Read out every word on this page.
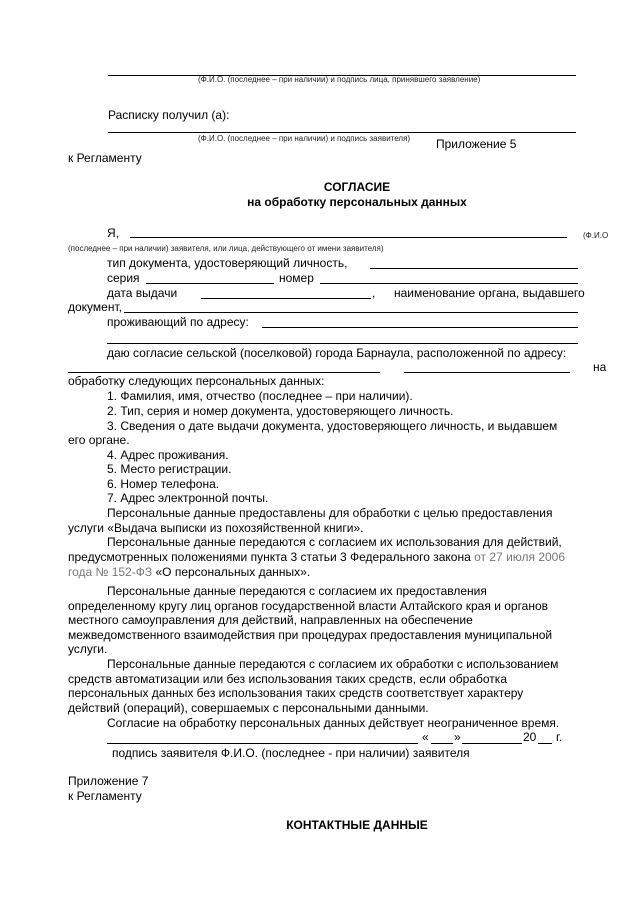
(Ф.И.О. (последнее – при наличии) и подпись лица, принявшего заявление)
Расписку получил (а):
(Ф.И.О. (последнее – при наличии) и подпись заявителя) Приложение 5
к Регламенту
СОГЛАСИЕ
на обработку персональных данных
Я,	(Ф.И.О
(последнее – при наличии) заявителя, или лица, действующего от имени заявителя)
тип документа, удостоверяющий личность,
серия	номер
дата выдачи	, наименование органа, выдавшего
документ,
проживающий по адресу:
даю согласие сельской (поселковой) города Барнаула, расположенной по адресу:
на
обработку следующих персональных данных:
1. Фамилия, имя, отчество (последнее – при наличии).
2. Тип, серия и номер документа, удостоверяющего личность.
3. Сведения о дате выдачи документа, удостоверяющего личность, и выдавшем
его органе.
4. Адрес проживания.
5. Место регистрации.
6. Номер телефона.
7. Адрес электронной почты.
Персональные данные предоставлены для обработки с целью предоставления
услуги «Выдача выписки из похозяйственной книги».
Персональные данные передаются с согласием их использования для действий,
предусмотренных положениями пункта 3 статьи 3 Федерального закона от 27 июля 2006
года № 152-ФЗ «О персональных данных».
Персональные данные передаются с согласием их предоставления
определенному кругу лиц органов государственной власти Алтайского края и органов
местного самоуправления для действий, направленных на обеспечение
межведомственного взаимодействия при процедурах предоставления муниципальной
услуги.
Персональные данные передаются с согласием их обработки с использованием
средств автоматизации или без использования таких средств, если обработка
персональных данных без использования таких средств соответствует характеру
действий (операций), совершаемых с персональными данными.
Согласие на обработку персональных данных действует неограниченное время.
« »	20 г.
подпись заявителя Ф.И.О. (последнее - при наличии) заявителя
Приложение 7
к Регламенту
КОНТАКТНЫЕ ДАННЫЕ
